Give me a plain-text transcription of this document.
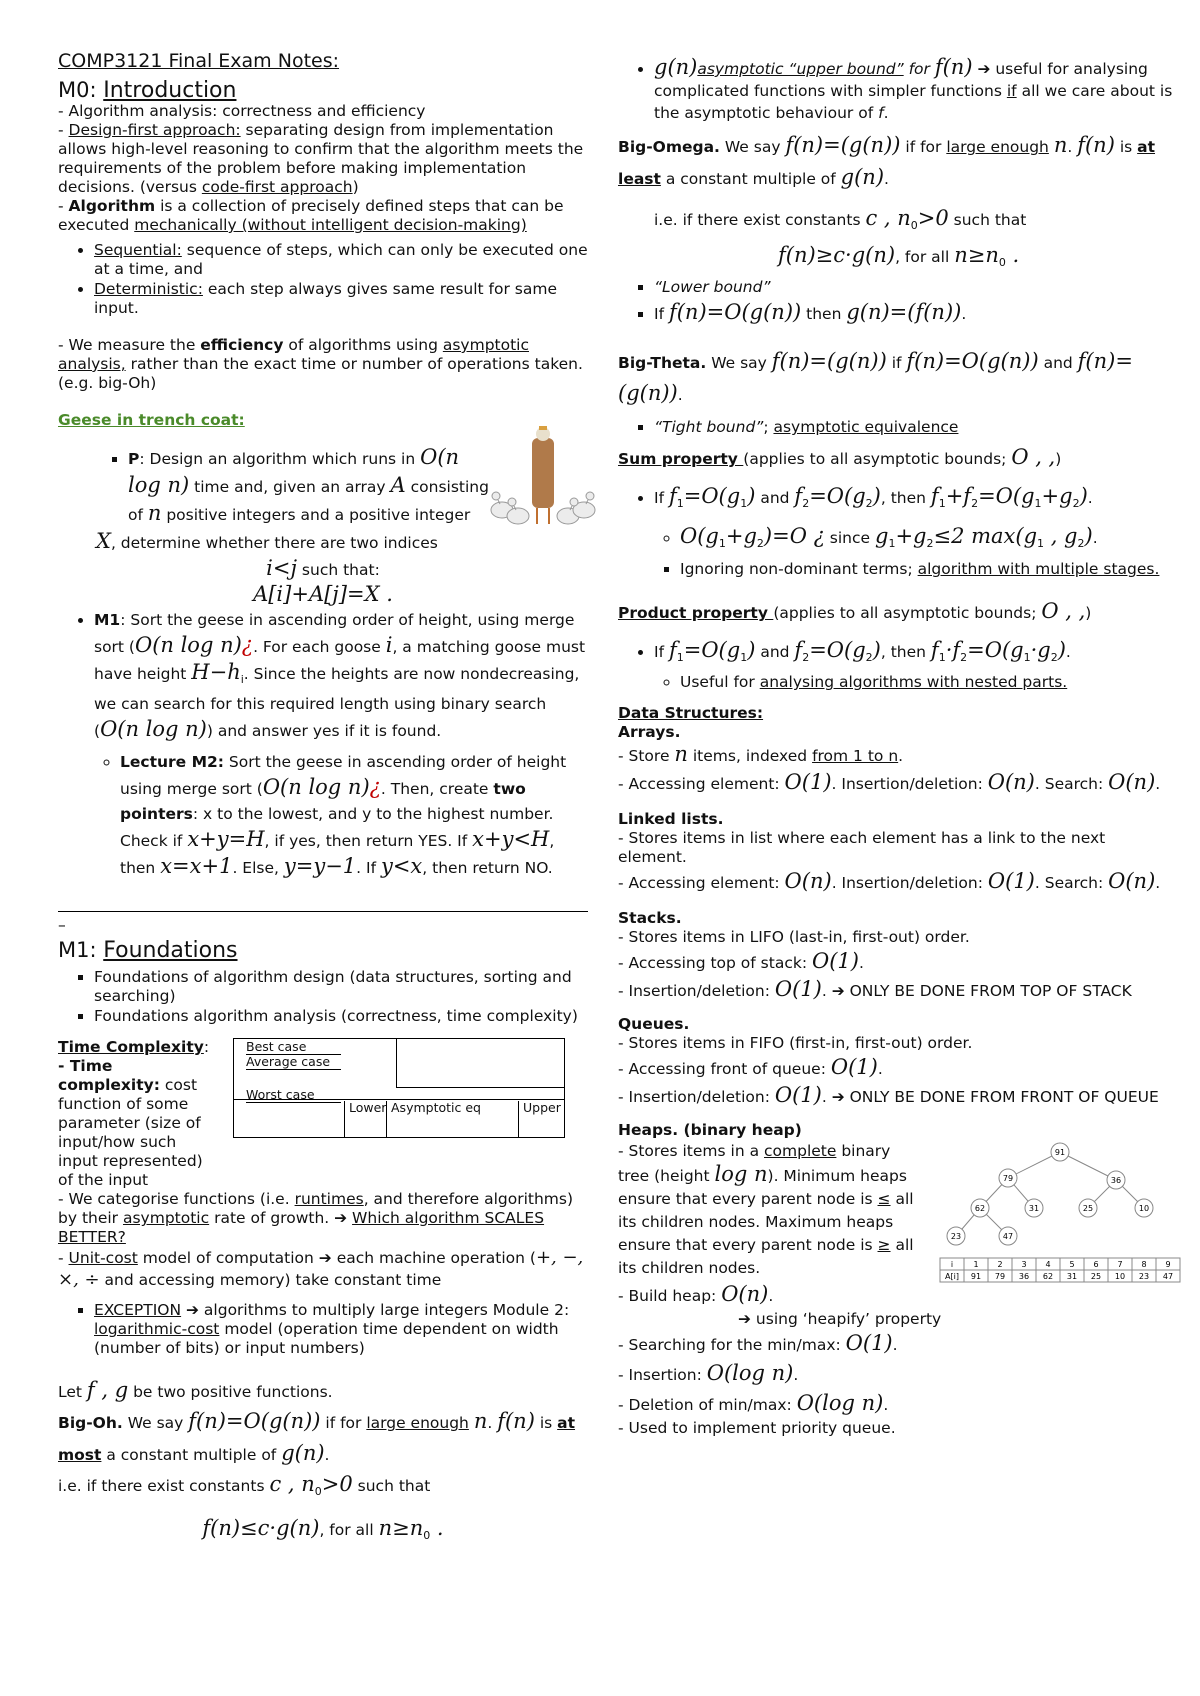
COMP3121 Final Exam Notes:

M0: Introduction

- Algorithm analysis: correctness and efficiency

- Design-first approach: separating design from implementation allows high-level reasoning to confirm that the algorithm meets the requirements of the problem before making implementation decisions. (versus code-first approach)

- Algorithm is a collection of precisely defined steps that can be executed mechanically (without intelligent decision-making)

• Sequential: sequence of steps, which can only be executed one at a time, and
• Deterministic: each step always gives same result for same input.

- We measure the efficiency of algorithms using asymptotic analysis, rather than the exact time or number of operations taken. (e.g. big-Oh)

Geese in trench coat:

▪ P: Design an algorithm which runs in O(n log n) time and, given an array A consisting of n positive integers and a positive integer

X, determine whether there are two indices

i<j such that:
A[i]+A[j]=X .

• M1: Sort the geese in ascending order of height, using merge sort (O(n log n)¿. For each goose i, a matching goose must have height $H-h_i$. Since the heights are now nondecreasing, we can search for this required length using binary search (O(n log n)) and answer yes if it is found.
◦ Lecture M2: Sort the geese in ascending order of height using merge sort (O(n log n)¿. Then, create two pointers: x to the lowest, and y to the highest number. Check if x+y=H, if yes, then return YES. If x+y<H, then x=x+1. Else, y=y−1. If y<x, then return NO.

–

M1: Foundations

▪ Foundations of algorithm design (data structures, sorting and searching)
▪ Foundations algorithm analysis (correctness, time complexity)

Time Complexity:

- Time complexity: cost function of some parameter (size of input/how such input represented) of the input

Best case
Average case
Worst case
Lower Asymptotic eq	Upper

- We categorise functions (i.e. runtimes, and therefore algorithms) by their asymptotic rate of growth. ➔ Which algorithm SCALES BETTER?

- Unit-cost model of computation ➔ each machine operation (+, −, ×, ÷ and accessing memory) take constant time

▪ EXCEPTION ➔ algorithms to multiply large integers Module 2: logarithmic-cost model (operation time dependent on width (number of bits) or input numbers)

Let f , g be two positive functions.

Big-Oh. We say f(n)=O(g(n)) if for large enough n. f(n) is at most a constant multiple of g(n).

i.e. if there exist constants c , $n_0>0$ such that

f(n)≤c·g(n), for all $n\ge n_0$ .

• g(n)asymptotic “upper bound” for f(n) ➔ useful for analysing complicated functions with simpler functions if all we care about is the asymptotic behaviour of f.

Big-Omega. We say f(n)=(g(n)) if for large enough n. f(n) is at least a constant multiple of g(n).

i.e. if there exist constants c , $n_0>0$ such that

f(n)≥c·g(n), for all $n\ge n_0$ .

▪ “Lower bound”
▪ If f(n)=O(g(n)) then g(n)=(f(n)).

Big-Theta. We say f(n)=(g(n)) if f(n)=O(g(n)) and f(n)=(g(n)).

▪ “Tight bound”; asymptotic equivalence

Sum property (applies to all asymptotic bounds; O , ,)

• If $f_1=O(g_1)$ and $f_2=O(g_2)$, then $f_1+f_2=O(g_1+g_2)$.
◦ $O(g_1+g_2)=O$ ¿ since $g_1+g_2\le 2$ $\max(g_1$ , $g_2$).
▪ Ignoring non-dominant terms; algorithm with multiple stages.

Product property (applies to all asymptotic bounds; O , ,)

• If $f_1=O(g_1)$ and $f_2=O(g_2)$, then $f_1\cdot f_2=O(g_1\cdot g_2)$.
◦ Useful for analysing algorithms with nested parts.

Data Structures:

Arrays.

- Store n items, indexed from 1 to n.

- Accessing element: O(1). Insertion/deletion: O(n). Search: O(n).

Linked lists.

- Stores items in list where each element has a link to the next element.

- Accessing element: O(n). Insertion/deletion: O(1). Search: O(n).

Stacks.

- Stores items in LIFO (last-in, first-out) order.

- Accessing top of stack: O(1).

- Insertion/deletion: O(1). ➔ ONLY BE DONE FROM TOP OF STACK

Queues.

- Stores items in FIFO (first-in, first-out) order.

- Accessing front of queue: O(1).

- Insertion/deletion: O(1). ➔ ONLY BE DONE FROM FRONT OF QUEUE

Heaps. (binary heap)

- Stores items in a complete binary tree (height log n). Minimum heaps ensure that every parent node is ≤ all its children nodes. Maximum heaps ensure that every parent node is ≥ all its children nodes.

91
79	36
62	31	25	10
23	47
i	1 2 3 4 5 6 7 8 9
A[i] 91 79 36 62 31 25 10 23 47

- Build heap: O(n).

➔ using ‘heapify’ property

- Searching for the min/max: O(1).

- Insertion: O(log n).

- Deletion of min/max: O(log n).

- Used to implement priority queue.
